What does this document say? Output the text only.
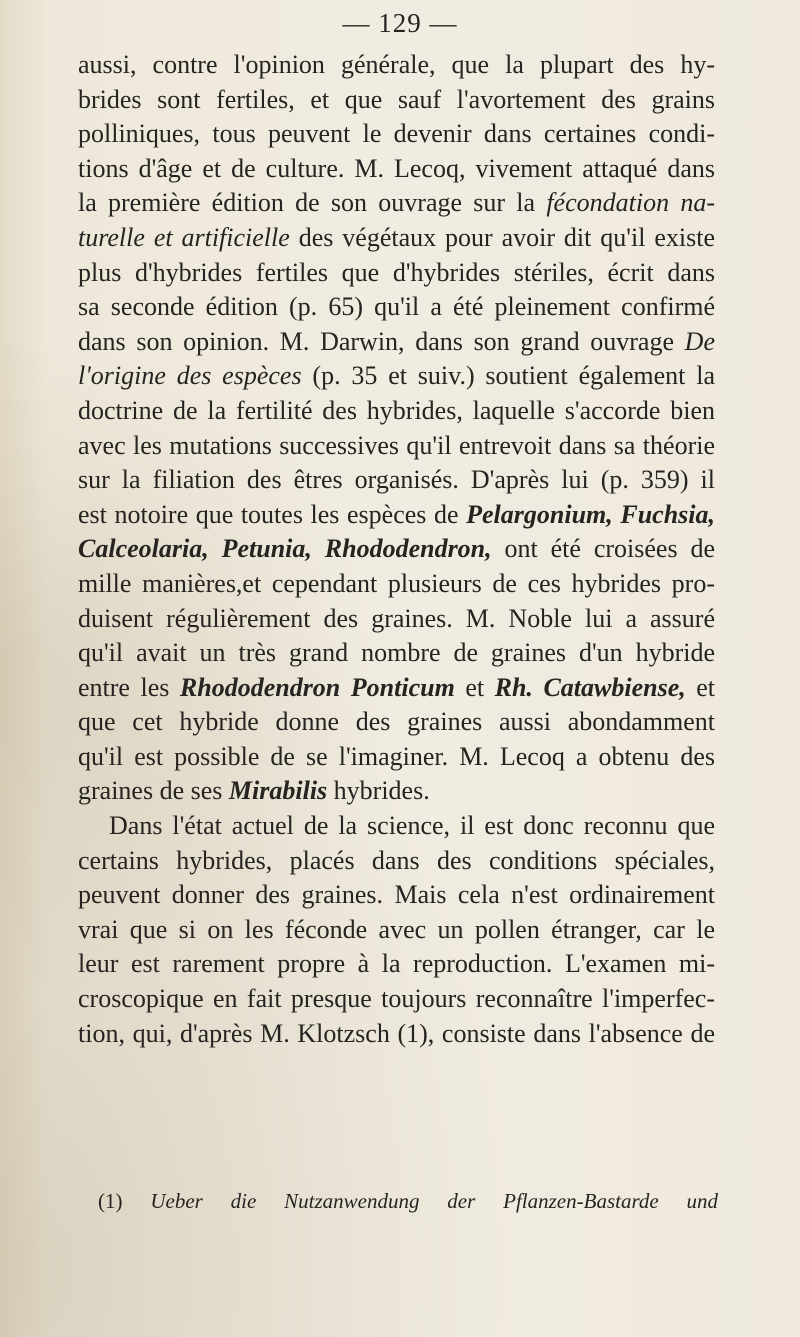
— 129 —
aussi, contre l'opinion générale, que la plupart des hy-
brides sont fertiles, et que sauf l'avortement des grains
polliniques, tous peuvent le devenir dans certaines condi-
tions d'âge et de culture. M. Lecoq, vivement attaqué dans
la première édition de son ouvrage sur la fécondation na-
turelle et artificielle des végétaux pour avoir dit qu'il existe
plus d'hybrides fertiles que d'hybrides stériles, écrit dans
sa seconde édition (p. 65) qu'il a été pleinement confirmé
dans son opinion. M. Darwin, dans son grand ouvrage De
l'origine des espèces (p. 35 et suiv.) soutient également la
doctrine de la fertilité des hybrides, laquelle s'accorde bien
avec les mutations successives qu'il entrevoit dans sa théorie
sur la filiation des êtres organisés. D'après lui (p. 359) il
est notoire que toutes les espèces de Pelargonium, Fuchsia,
Calceolaria, Petunia, Rhododendron, ont été croisées de
mille manières,et cependant plusieurs de ces hybrides pro-
duisent régulièrement des graines. M. Noble lui a assuré
qu'il avait un très grand nombre de graines d'un hybride
entre les Rhododendron Ponticum et Rh. Catawbiense, et
que cet hybride donne des graines aussi abondamment
qu'il est possible de se l'imaginer. M. Lecoq a obtenu des
graines de ses Mirabilis hybrides.
Dans l'état actuel de la science, il est donc reconnu que
certains hybrides, placés dans des conditions spéciales,
peuvent donner des graines. Mais cela n'est ordinairement
vrai que si on les féconde avec un pollen étranger, car le
leur est rarement propre à la reproduction. L'examen mi-
croscopique en fait presque toujours reconnaître l'imperfec-
tion, qui, d'après M. Klotzsch (1), consiste dans l'absence de
(1) Ueber die Nutzanwendung der Pflanzen-Bastarde und
